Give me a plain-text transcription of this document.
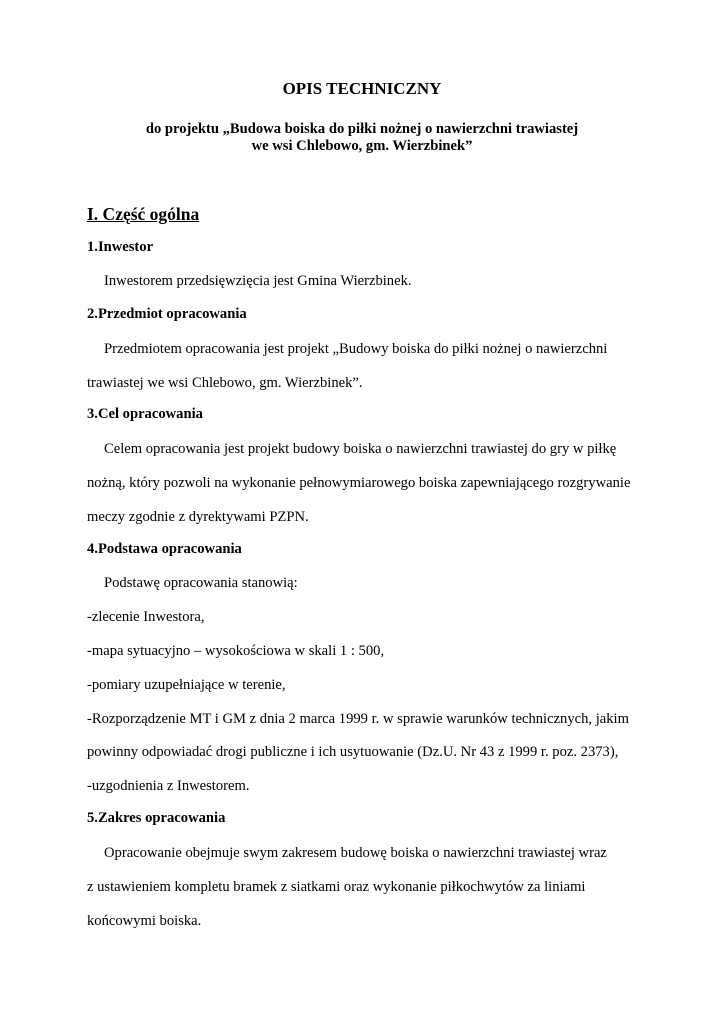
OPIS TECHNICZNY
do projektu „Budowa boiska do piłki nożnej o nawierzchni trawiastej
we wsi Chlebowo, gm. Wierzbinek”
I. Część ogólna
1.Inwestor
Inwestorem przedsięwzięcia jest Gmina Wierzbinek.
2.Przedmiot opracowania
Przedmiotem opracowania jest projekt „Budowy boiska do piłki nożnej o nawierzchni
trawiastej we wsi Chlebowo, gm. Wierzbinek”.
3.Cel opracowania
Celem opracowania jest projekt budowy boiska o nawierzchni trawiastej do gry w piłkę
nożną, który pozwoli na wykonanie pełnowymiarowego boiska zapewniającego rozgrywanie
meczy zgodnie z dyrektywami PZPN.
4.Podstawa opracowania
Podstawę opracowania stanowią:
-zlecenie Inwestora,
-mapa sytuacyjno – wysokościowa w skali 1 : 500,
-pomiary uzupełniające w terenie,
-Rozporządzenie MT i GM z dnia 2 marca 1999 r. w sprawie warunków technicznych, jakim
powinny odpowiadać drogi publiczne i ich usytuowanie (Dz.U. Nr 43 z 1999 r. poz. 2373),
-uzgodnienia z Inwestorem.
5.Zakres opracowania
Opracowanie obejmuje swym zakresem budowę boiska o nawierzchni trawiastej wraz
z ustawieniem kompletu bramek z siatkami oraz wykonanie piłkochwytów za liniami
końcowymi boiska.
